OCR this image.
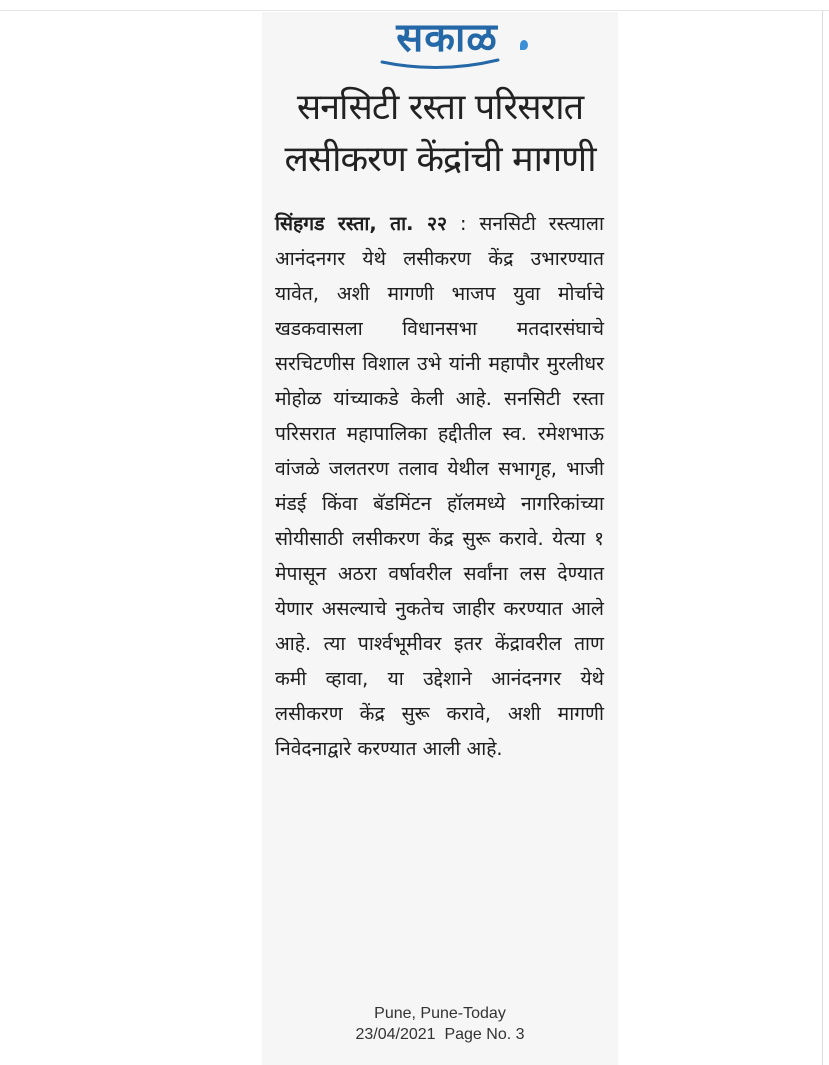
सकाळ
सनसिटी रस्ता परिसरात लसीकरण केंद्रांची मागणी
सिंहगड रस्ता, ता. २२ : सनसिटी रस्त्याला आनंदनगर येथे लसीकरण केंद्र उभारण्यात यावेत, अशी मागणी भाजप युवा मोर्चाचे खडकवासला विधानसभा मतदारसंघाचे सरचिटणीस विशाल उभे यांनी महापौर मुरलीधर मोहोळ यांच्याकडे केली आहे. सनसिटी रस्ता परिसरात महापालिका हद्दीतील स्व. रमेशभाऊ वांजळे जलतरण तलाव येथील सभागृह, भाजी मंडई किंवा बॅडमिंटन हॉलमध्ये नागरिकांच्या सोयीसाठी लसीकरण केंद्र सुरू करावे. येत्या १ मेपासून अठरा वर्षावरील सर्वांना लस देण्यात येणार असल्याचे नुकतेच जाहीर करण्यात आले आहे. त्या पार्श्वभूमीवर इतर केंद्रावरील ताण कमी व्हावा, या उद्देशाने आनंदनगर येथे लसीकरण केंद्र सुरू करावे, अशी मागणी निवेदनाद्वारे करण्यात आली आहे.
Pune, Pune-Today
23/04/2021  Page No. 3
